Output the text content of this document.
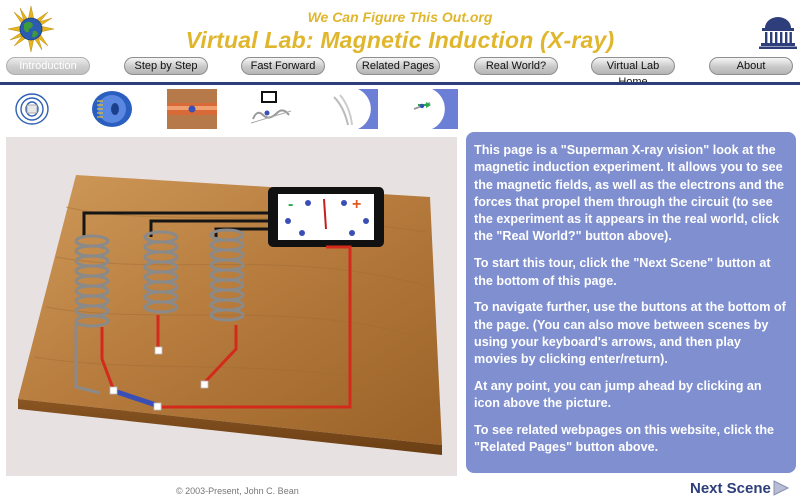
We Can Figure This Out.org
Virtual Lab: Magnetic Induction (X-ray)
Introduction	Step by Step	Fast Forward	Related Pages	Real World?	Virtual Lab	About
-	+

This page is a "Superman X-ray vision" look at the magnetic induction experiment. It allows you to see the magnetic fields, as well as the electrons and the forces that propel them through the circuit (to see the experiment as it appears in the real world, click the "Real World?" button above).

To start this tour, click the "Next Scene" button at the bottom of this page.

To navigate further, use the buttons at the bottom of the page. (You can also move between scenes by using your keyboard's arrows, and then play movies by clicking enter/return).

At any point, you can jump ahead by clicking an icon above the picture.

To see related webpages on this website, click the "Related Pages" button above.

© 2003-Present, John C. Bean	Next Scene
